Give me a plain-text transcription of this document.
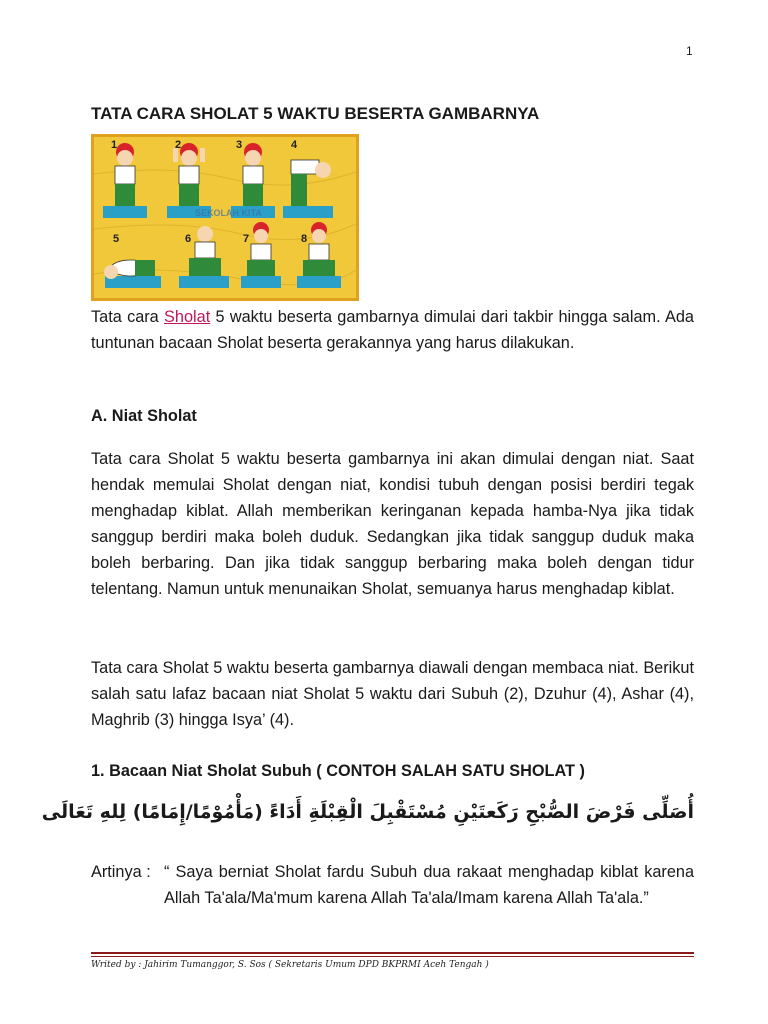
1
TATA CARA SHOLAT 5 WAKTU BESERTA GAMBARNYA
1	2	3	4
5	6	7	8
SEKOLAH KITA

Tata cara Sholat 5 waktu beserta gambarnya dimulai dari takbir hingga salam. Ada tuntunan bacaan Sholat beserta gerakannya yang harus dilakukan.

A. Niat Sholat

Tata cara Sholat 5 waktu beserta gambarnya ini akan dimulai dengan niat. Saat hendak memulai Sholat dengan niat, kondisi tubuh dengan posisi berdiri tegak menghadap kiblat. Allah memberikan keringanan kepada hamba-Nya jika tidak sanggup berdiri maka boleh duduk. Sedangkan jika tidak sanggup duduk maka boleh berbaring. Dan jika tidak sanggup berbaring maka boleh dengan tidur telentang. Namun untuk menunaikan Sholat, semuanya harus menghadap kiblat.

Tata cara Sholat 5 waktu beserta gambarnya diawali dengan membaca niat. Berikut salah satu lafaz bacaan niat Sholat 5 waktu dari Subuh (2), Dzuhur (4), Ashar (4), Maghrib (3) hingga Isya’ (4).

1. Bacaan Niat Sholat Subuh ( CONTOH SALAH SATU SHOLAT )

أُصَلِّى فَرْضَ الصُّبْحِ رَكَعتَيْنِ مُسْتَقْبِلَ الْقِبْلَةِ أَدَاءً (مَأْمُوْمًا/إِمَامًا) لِلهِ تَعَالَى

Artinya : “ Saya berniat Sholat fardu Subuh dua rakaat menghadap kiblat karena Allah Ta'ala/Ma'mum karena Allah Ta'ala/Imam karena Allah Ta'ala.”

Writed by : Jahirim Tumanggor, S. Sos ( Sekretaris Umum DPD BKPRMI Aceh Tengah )
